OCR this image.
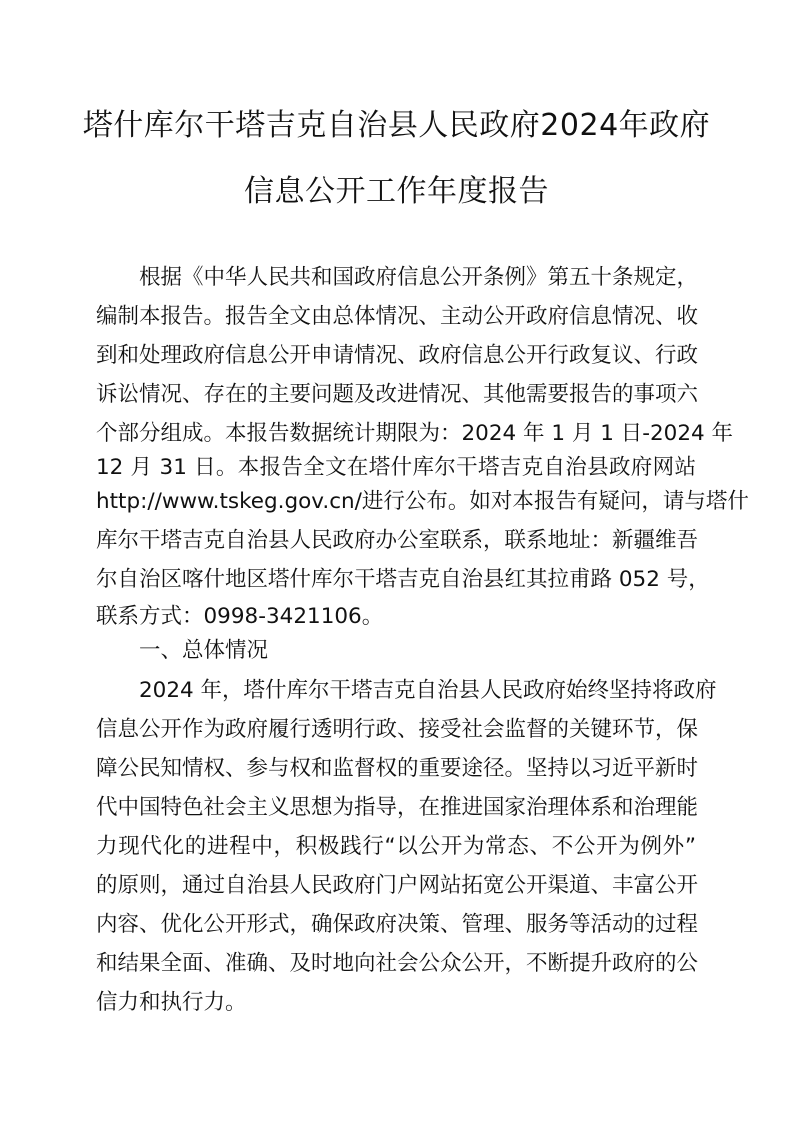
塔什库尔干塔吉克自治县人民政府2024年政府
信息公开工作年度报告
根据《中华人民共和国政府信息公开条例》第五十条规定，
编制本报告。报告全文由总体情况、主动公开政府信息情况、收
到和处理政府信息公开申请情况、政府信息公开行政复议、行政
诉讼情况、存在的主要问题及改进情况、其他需要报告的事项六
个部分组成。本报告数据统计期限为：2024 年 1 月 1 日-2024 年
12 月 31 日。本报告全文在塔什库尔干塔吉克自治县政府网站
http://www.tskeg.gov.cn/进行公布。如对本报告有疑问，请与塔什
库尔干塔吉克自治县人民政府办公室联系，联系地址：新疆维吾
尔自治区喀什地区塔什库尔干塔吉克自治县红其拉甫路 052 号，
联系方式：0998-3421106。
一、总体情况
2024 年，塔什库尔干塔吉克自治县人民政府始终坚持将政府
信息公开作为政府履行透明行政、接受社会监督的关键环节，保
障公民知情权、参与权和监督权的重要途径。坚持以习近平新时
代中国特色社会主义思想为指导，在推进国家治理体系和治理能
力现代化的进程中，积极践行“以公开为常态、不公开为例外”
的原则，通过自治县人民政府门户网站拓宽公开渠道、丰富公开
内容、优化公开形式，确保政府决策、管理、服务等活动的过程
和结果全面、准确、及时地向社会公众公开，不断提升政府的公
信力和执行力。
